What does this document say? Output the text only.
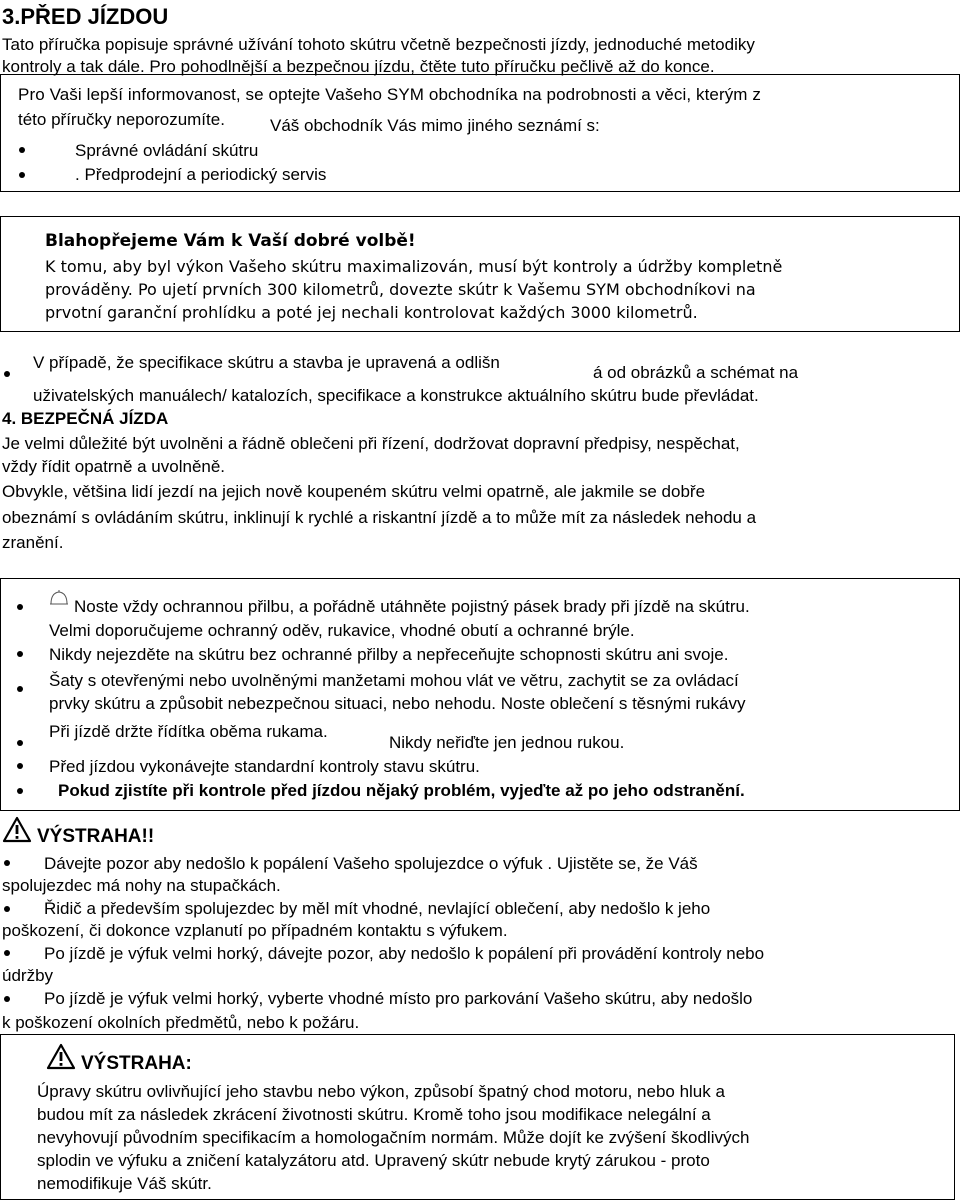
3.PŘED JÍZDOU
Tato příručka popisuje správné užívání tohoto skútru včetně bezpečnosti jízdy, jednoduché metodiky
kontroly a tak dále. Pro pohodlnější a bezpečnou jízdu, čtěte tuto příručku pečlivě až do konce.
Pro Vaši lepší informovanost, se optejte Vašeho SYM obchodníka na podrobnosti a věci, kterým z
této příručky neporozumíte.	Váš obchodník Vás mimo jiného seznámí s:
Správné ovládání skútru
. Předprodejní a periodický servis
Blahopřejeme Vám k Vaší dobré volbě!
K tomu, aby byl výkon Vašeho skútru maximalizován, musí být kontroly a údržby kompletně
prováděny. Po ujetí prvních 300 kilometrů, dovezte skútr k Vašemu SYM obchodníkovi na
prvotní garanční prohlídku a poté jej nechali kontrolovat každých 3000 kilometrů.
V případě, že specifikace skútru a stavba je upravená a odlišn
á od obrázků a schémat na
uživatelských manuálech/ katalozích, specifikace a konstrukce aktuálního skútru bude převládat.
4. BEZPEČNÁ JÍZDA
Je velmi důležité být uvolněni a řádně oblečeni při řízení, dodržovat dopravní předpisy, nespěchat,
vždy řídit opatrně a uvolněně.
Obvykle, většina lidí jezdí na jejich nově koupeném skútru velmi opatrně, ale jakmile se dobře
obeznámí s ovládáním skútru, inklinují k rychlé a riskantní jízdě a to může mít za následek nehodu a
zranění.
Noste vždy ochrannou přilbu, a pořádně utáhněte pojistný pásek brady při jízdě na skútru.
Velmi doporučujeme ochranný oděv, rukavice, vhodné obutí a ochranné brýle.
Nikdy nejezděte na skútru bez ochranné přilby a nepřeceňujte schopnosti skútru ani svoje.
Šaty s otevřenými nebo uvolněnými manžetami mohou vlát ve větru, zachytit se za ovládací
prvky skútru a způsobit nebezpečnou situaci, nebo nehodu. Noste oblečení s těsnými rukávy
Při jízdě držte řídítka oběma rukama.
Nikdy neřiďte jen jednou rukou.
Před jízdou vykonávejte standardní kontroly stavu skútru.
Pokud zjistíte při kontrole před jízdou nějaký problém, vyjeďte až po jeho odstranění.
VÝSTRAHA!!
Dávejte pozor aby nedošlo k popálení Vašeho spolujezdce o výfuk . Ujistěte se, že Váš
spolujezdec má nohy na stupačkách.
Řidič a především spolujezdec by měl mít vhodné, nevlající oblečení, aby nedošlo k jeho
poškození, či dokonce vzplanutí po případném kontaktu s výfukem.
Po jízdě je výfuk velmi horký, dávejte pozor, aby nedošlo k popálení při provádění kontroly nebo
údržby
Po jízdě je výfuk velmi horký, vyberte vhodné místo pro parkování Vašeho skútru, aby nedošlo
k poškození okolních předmětů, nebo k požáru.
VÝSTRAHA:
Úpravy skútru ovlivňující jeho stavbu nebo výkon, způsobí špatný chod motoru, nebo hluk a
budou mít za následek zkrácení životnosti skútru. Kromě toho jsou modifikace nelegální a
nevyhovují původním specifikacím a homologačním normám. Může dojít ke zvýšení škodlivých
splodin ve výfuku a zničení katalyzátoru atd. Upravený skútr nebude krytý zárukou - proto
nemodifikuje Váš skútr.
